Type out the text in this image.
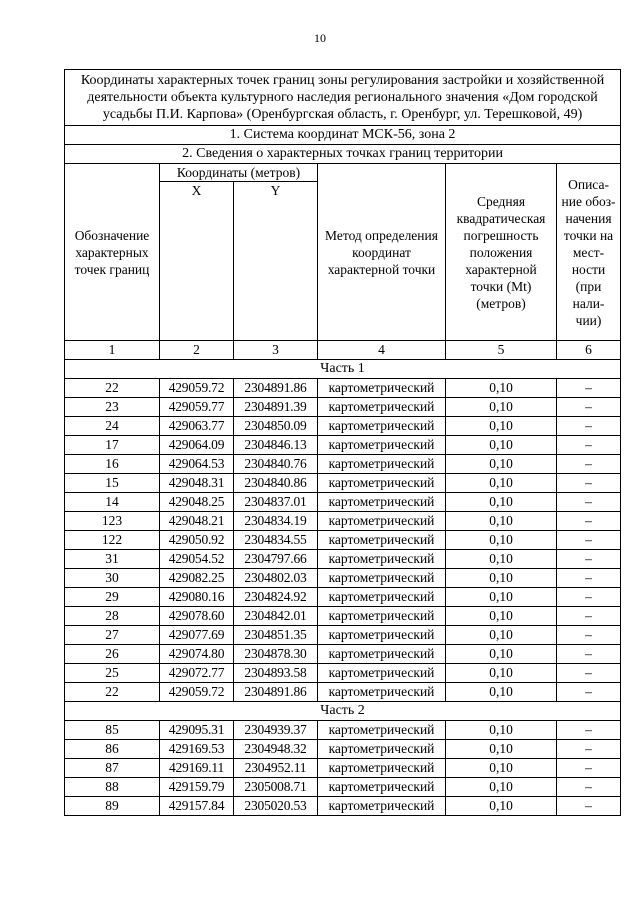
10
Координаты характерных точек границ зоны регулирования застройки и хозяйственной деятельности объекта культурного наследия регионального значения «Дом городской усадьбы П.И. Карпова» (Оренбургская область, г. Оренбург, ул. Терешковой, 49)					
1. Система координат МСК-56, зона 2					
2. Сведения о характерных точках границ территории					
Обозначение характерных точек границ	Координаты (метров)		Метод определения координат характерной точки	Средняя квадратическая погрешность положения характерной точки (Mt) (метров)	Описа- ние обоз- начения точки на мест- ности (при нали- чии)
	X	Y			
1	2	3	4	5	6
Часть 1					
22	429059.72	2304891.86	картометрический	0,10	–
23	429059.77	2304891.39	картометрический	0,10	–
24	429063.77	2304850.09	картометрический	0,10	–
17	429064.09	2304846.13	картометрический	0,10	–
16	429064.53	2304840.76	картометрический	0,10	–
15	429048.31	2304840.86	картометрический	0,10	–
14	429048.25	2304837.01	картометрический	0,10	–
123	429048.21	2304834.19	картометрический	0,10	–
122	429050.92	2304834.55	картометрический	0,10	–
31	429054.52	2304797.66	картометрический	0,10	–
30	429082.25	2304802.03	картометрический	0,10	–
29	429080.16	2304824.92	картометрический	0,10	–
28	429078.60	2304842.01	картометрический	0,10	–
27	429077.69	2304851.35	картометрический	0,10	–
26	429074.80	2304878.30	картометрический	0,10	–
25	429072.77	2304893.58	картометрический	0,10	–
22	429059.72	2304891.86	картометрический	0,10	–
Часть 2					
85	429095.31	2304939.37	картометрический	0,10	–
86	429169.53	2304948.32	картометрический	0,10	–
87	429169.11	2304952.11	картометрический	0,10	–
88	429159.79	2305008.71	картометрический	0,10	–
89	429157.84	2305020.53	картометрический	0,10	–
